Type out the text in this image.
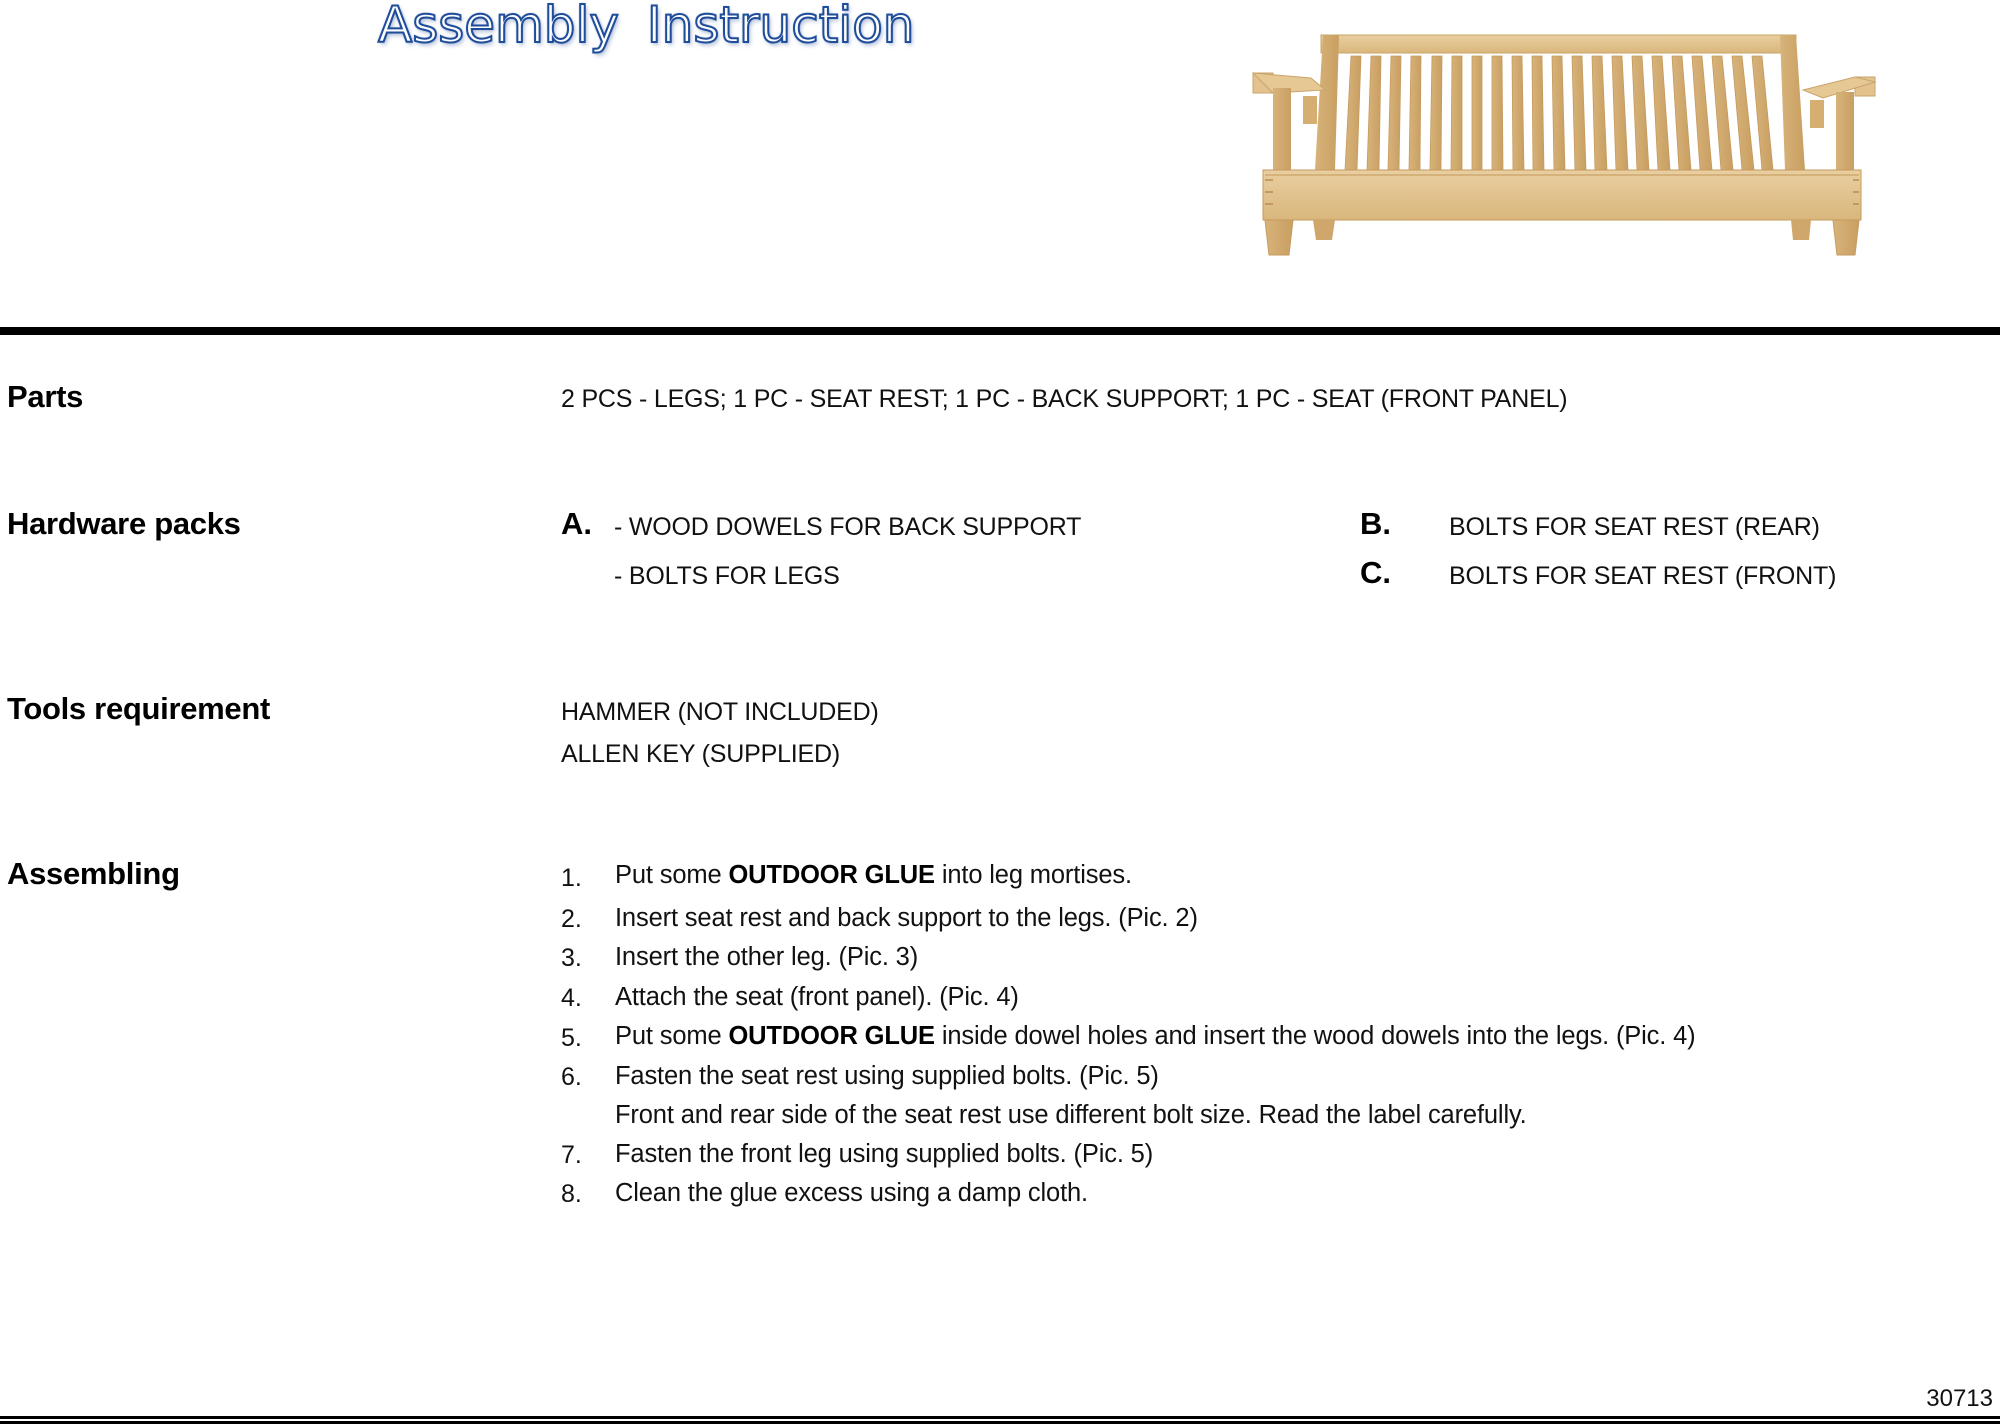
Assembly Instruction
Parts	2 PCS - LEGS; 1 PC - SEAT REST; 1 PC - BACK SUPPORT; 1 PC - SEAT (FRONT PANEL)
Hardware packs	A. - WOOD DOWELS FOR BACK SUPPORT
- BOLTS FOR LEGS
B. BOLTS FOR SEAT REST (REAR)
C. BOLTS FOR SEAT REST (FRONT)
Tools requirement	HAMMER (NOT INCLUDED)
ALLEN KEY (SUPPLIED)
Assembling	1. Put some OUTDOOR GLUE into leg mortises.
2. Insert seat rest and back support to the legs. (Pic. 2)
3. Insert the other leg. (Pic. 3)
4. Attach the seat (front panel). (Pic. 4)
5. Put some OUTDOOR GLUE inside dowel holes and insert the wood dowels into the legs. (Pic. 4)
6. Fasten the seat rest using supplied bolts. (Pic. 5)
Front and rear side of the seat rest use different bolt size. Read the label carefully.
7. Fasten the front leg using supplied bolts. (Pic. 5)
8. Clean the glue excess using a damp cloth.
30713
